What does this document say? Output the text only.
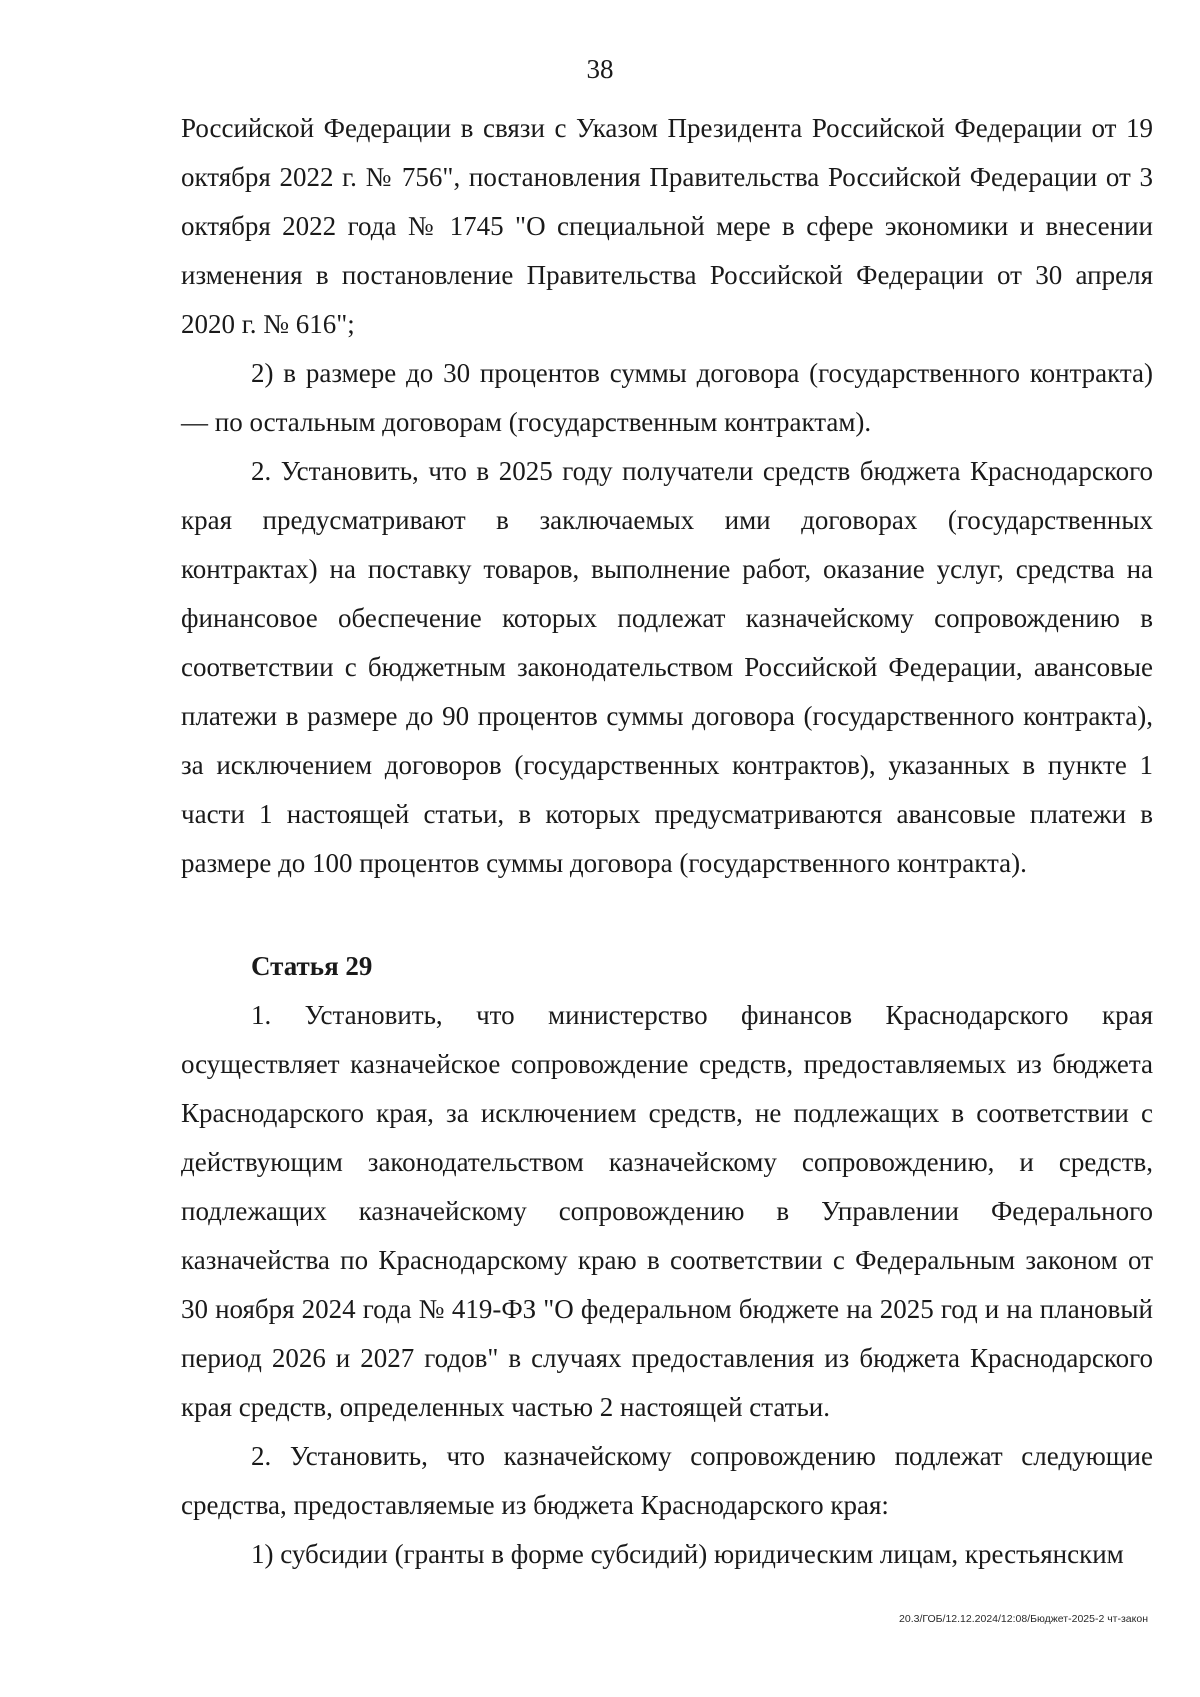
38

Российской Федерации в связи с Указом Президента Российской Федерации от 19 октября 2022 г. № 756", постановления Правительства Российской Федерации от 3 октября 2022 года № 1745 "О специальной мере в сфере экономики и внесении изменения в постановление Правительства Российской Федерации от 30 апреля 2020 г. № 616";

2) в размере до 30 процентов суммы договора (государственного контракта) — по остальным договорам (государственным контрактам).

2. Установить, что в 2025 году получатели средств бюджета Краснодарского края предусматривают в заключаемых ими договорах (государственных контрактах) на поставку товаров, выполнение работ, оказание услуг, средства на финансовое обеспечение которых подлежат казначейскому сопровождению в соответствии с бюджетным законодательством Российской Федерации, авансовые платежи в размере до 90 процентов суммы договора (государственного контракта), за исключением договоров (государственных контрактов), указанных в пункте 1 части 1 настоящей статьи, в которых предусматриваются авансовые платежи в размере до 100 процентов суммы договора (государственного контракта).

Статья 29

1. Установить, что министерство финансов Краснодарского края осуществляет казначейское сопровождение средств, предоставляемых из бюджета Краснодарского края, за исключением средств, не подлежащих в соответствии с действующим законодательством казначейскому сопровождению, и средств, подлежащих казначейскому сопровождению в Управлении Федерального казначейства по Краснодарскому краю в соответствии с Федеральным законом от 30 ноября 2024 года № 419-ФЗ "О федеральном бюджете на 2025 год и на плановый период 2026 и 2027 годов" в случаях предоставления из бюджета Краснодарского края средств, определенных частью 2 настоящей статьи.

2. Установить, что казначейскому сопровождению подлежат следующие средства, предоставляемые из бюджета Краснодарского края:

1) субсидии (гранты в форме субсидий) юридическим лицам, крестьянским

20.3/ГОБ/12.12.2024/12:08/Бюджет-2025-2 чт-закон
